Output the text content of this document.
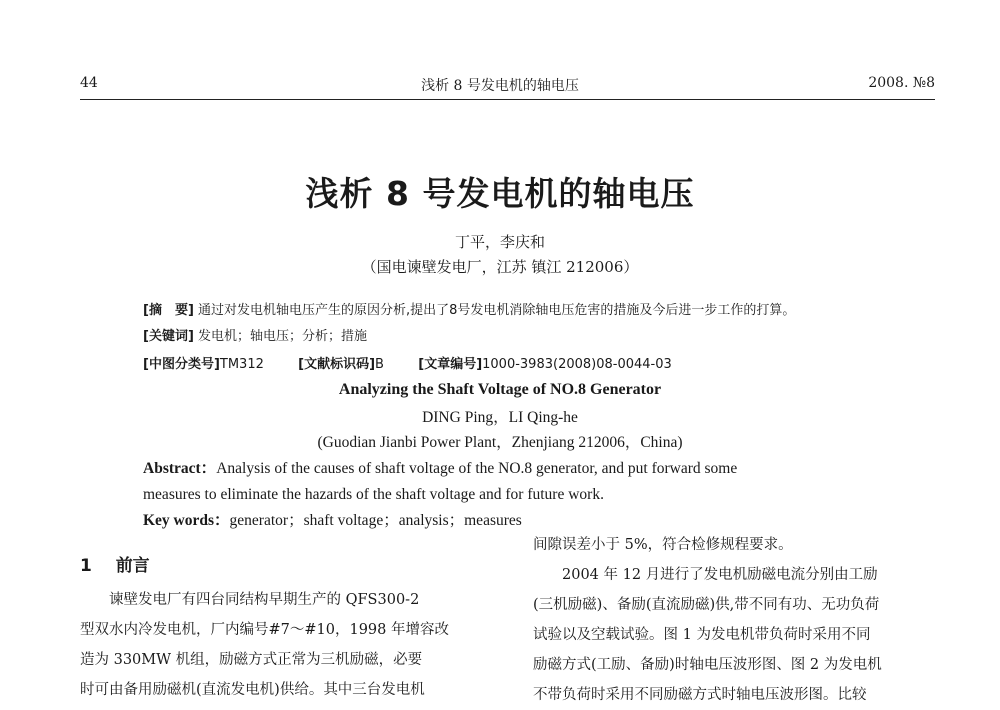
44	浅析 8 号发电机的轴电压	2008. №8
浅析 8 号发电机的轴电压
丁平，李庆和
（国电谏壁发电厂，江苏 镇江 212006）
[摘　要] 通过对发电机轴电压产生的原因分析,提出了8号发电机消除轴电压危害的措施及今后进一步工作的打算。
[关键词] 发电机；轴电压；分析；措施
[中图分类号]TM312	[文献标识码]B	[文章编号]1000-3983(2008)08-0044-03
Analyzing the Shaft Voltage of NO.8 Generator
DING Ping，LI Qing-he
(Guodian Jianbi Power Plant，Zhenjiang 212006，China)
Abstract：Analysis of the causes of shaft voltage of the NO.8 generator, and put forward some
measures to eliminate the hazards of the shaft voltage and for future work.
Key words：generator；shaft voltage；analysis；measures
1 前言
　　谏壁发电厂有四台同结构早期生产的 QFS300-2
型双水内冷发电机，厂内编号#7～#10，1998 年增容改
造为 330MW 机组，励磁方式正常为三机励磁，必要
时可由备用励磁机(直流发电机)供给。其中三台发电机
间隙误差小于 5%，符合检修规程要求。
　　2004 年 12 月进行了发电机励磁电流分别由工励
(三机励磁)、备励(直流励磁)供,带不同有功、无功负荷
试验以及空载试验。图 1 为发电机带负荷时采用不同
励磁方式(工励、备励)时轴电压波形图、图 2 为发电机
不带负荷时采用不同励磁方式时轴电压波形图。比较
